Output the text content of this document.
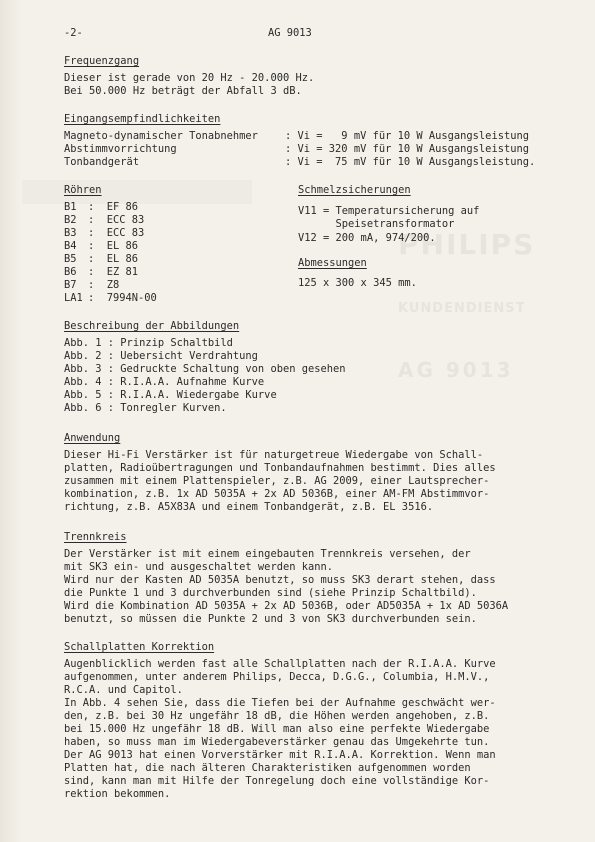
PHILIPS

KUNDENDIENST

AG 9013

-2-	AG 9013
Frequenzgang
Dieser ist gerade von 20 Hz - 20.000 Hz.
Bei 50.000 Hz beträgt der Abfall 3 dB.
Eingangsempfindlichkeiten
Magneto-dynamischer Tonabnehmer	: Vi =   9 mV für 10 W Ausgangsleistung
Abstimmvorrichtung	: Vi = 320 mV für 10 W Ausgangsleistung
Tonbandgerät	: Vi =  75 mV für 10 W Ausgangsleistung.
Röhren
B1 :  EF 86
B2 :  ECC 83
B3 :  ECC 83
B4 :  EL 86
B5 :  EL 86
B6 :  EZ 81
B7 :  Z8
LA1 :  7994N-00
Schmelzsicherungen
V11 = Temperatursicherung auf
Speisetransformator
V12 = 200 mA, 974/200.
Abmessungen
125 x 300 x 345 mm.
Beschreibung der Abbildungen
Abb. 1 : Prinzip Schaltbild
Abb. 2 : Uebersicht Verdrahtung
Abb. 3 : Gedruckte Schaltung von oben gesehen
Abb. 4 : R.I.A.A. Aufnahme Kurve
Abb. 5 : R.I.A.A. Wiedergabe Kurve
Abb. 6 : Tonregler Kurven.
Anwendung
Dieser Hi-Fi Verstärker ist für naturgetreue Wiedergabe von Schall-
platten, Radioübertragungen und Tonbandaufnahmen bestimmt. Dies alles
zusammen mit einem Plattenspieler, z.B. AG 2009, einer Lautsprecher-
kombination, z.B. 1x AD 5035A + 2x AD 5036B, einer AM-FM Abstimmvor-
richtung, z.B. A5X83A und einem Tonbandgerät, z.B. EL 3516.
Trennkreis
Der Verstärker ist mit einem eingebauten Trennkreis versehen, der
mit SK3 ein- und ausgeschaltet werden kann.
Wird nur der Kasten AD 5035A benutzt, so muss SK3 derart stehen, dass
die Punkte 1 und 3 durchverbunden sind (siehe Prinzip Schaltbild).
Wird die Kombination AD 5035A + 2x AD 5036B, oder AD5035A + 1x AD 5036A
benutzt, so müssen die Punkte 2 und 3 von SK3 durchverbunden sein.
Schallplatten Korrektion
Augenblicklich werden fast alle Schallplatten nach der R.I.A.A. Kurve
aufgenommen, unter anderem Philips, Decca, D.G.G., Columbia, H.M.V.,
R.C.A. und Capitol.
In Abb. 4 sehen Sie, dass die Tiefen bei der Aufnahme geschwächt wer-
den, z.B. bei 30 Hz ungefähr 18 dB, die Höhen werden angehoben, z.B.
bei 15.000 Hz ungefähr 18 dB. Will man also eine perfekte Wiedergabe
haben, so muss man im Wiedergabeverstärker genau das Umgekehrte tun.
Der AG 9013 hat einen Vorverstärker mit R.I.A.A. Korrektion. Wenn man
Platten hat, die nach älteren Charakteristiken aufgenommen worden
sind, kann man mit Hilfe der Tonregelung doch eine vollständige Kor-
rektion bekommen.
